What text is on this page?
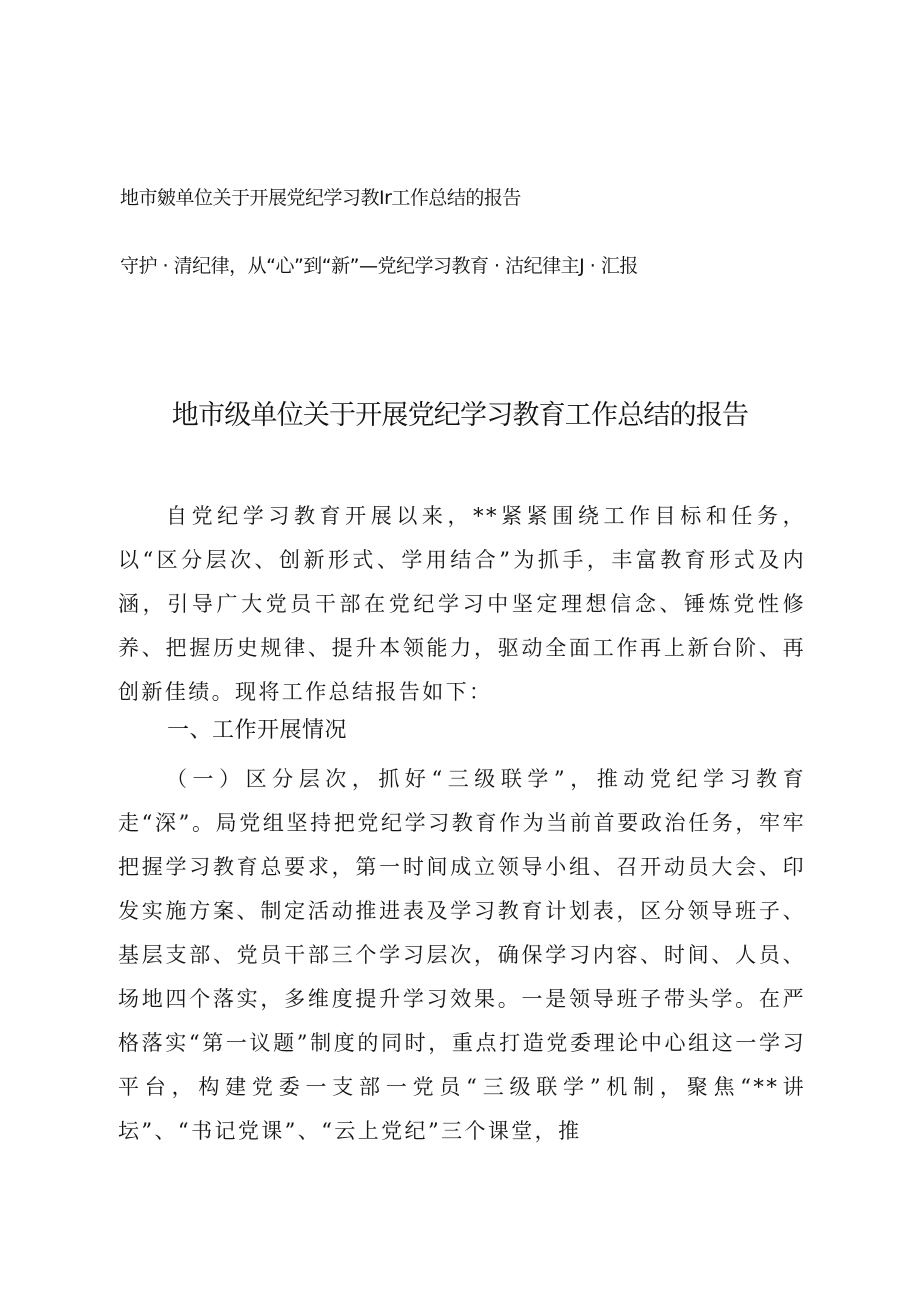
地市皴单位关于开展党纪学习教Ir工作总结的报告
守护 · 清纪律，从“心”到“新”—党纪学习教育 · 沽纪律主J · 汇报
地市级单位关于开展党纪学习教育工作总结的报告

自党纪学习教育开展以来，**紧紧围绕工作目标和任务，以“区分层次、创新形式、学用结合”为抓手，丰富教育形式及内涵，引导广大党员干部在党纪学习中坚定理想信念、锤炼党性修养、把握历史规律、提升本领能力，驱动全面工作再上新台阶、再创新佳绩。现将工作总结报告如下：

一、工作开展情况

（一）区分层次，抓好“三级联学”，推动党纪学习教育走“深”。局党组坚持把党纪学习教育作为当前首要政治任务，牢牢把握学习教育总要求，第一时间成立领导小组、召开动员大会、印发实施方案、制定活动推进表及学习教育计划表，区分领导班子、基层支部、党员干部三个学习层次，确保学习内容、时间、人员、场地四个落实，多维度提升学习效果。一是领导班子带头学。在严格落实“第一议题”制度的同时，重点打造党委理论中心组这一学习平台，构建党委一支部一党员“三级联学”机制，聚焦“**讲坛”、“书记党课”、“云上党纪”三个课堂，推
